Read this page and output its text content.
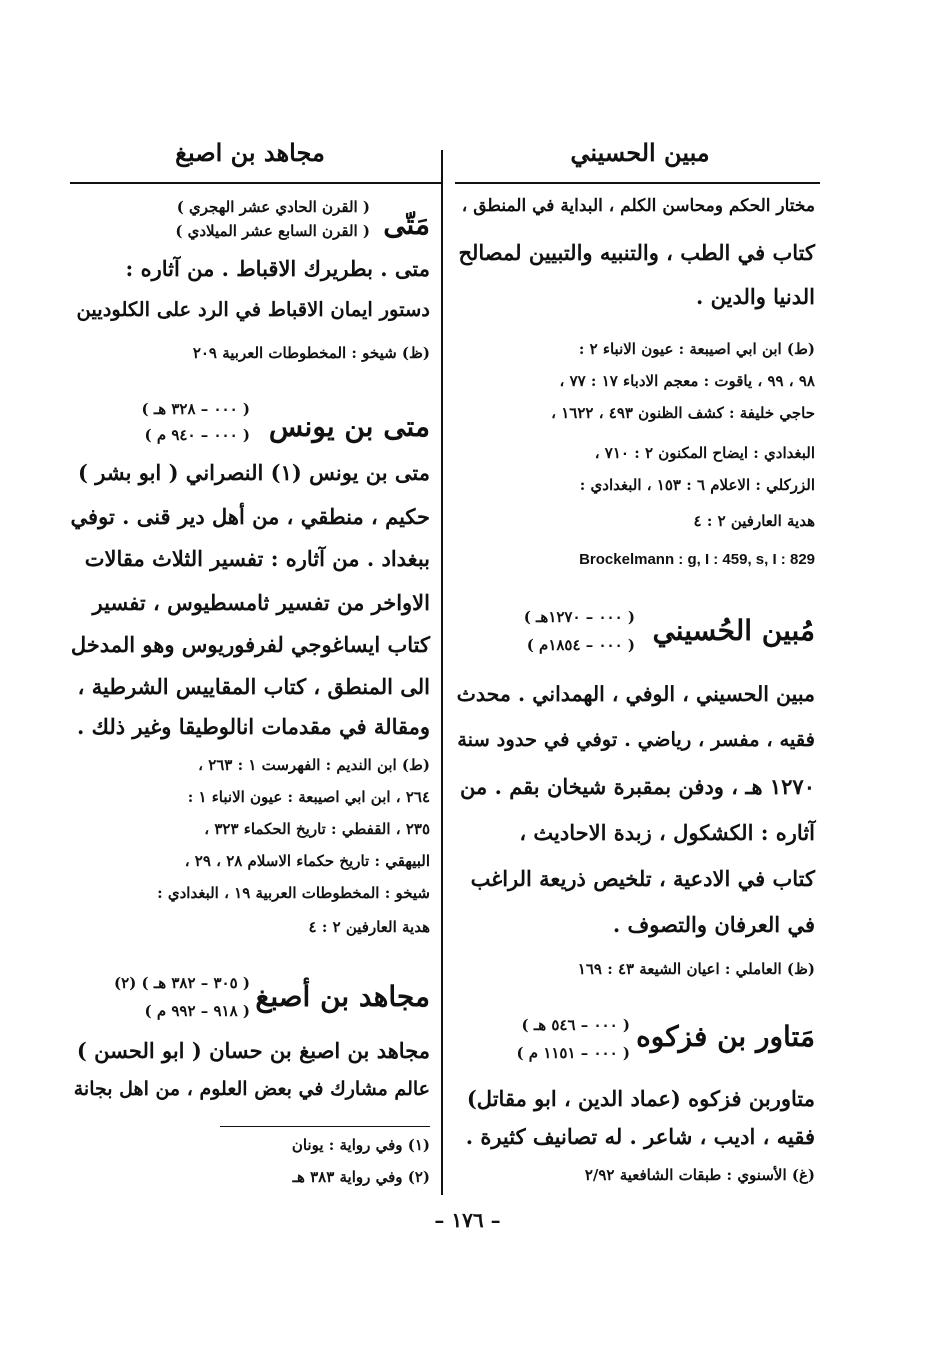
مبين الحسيني
مجاهد بن اصبغ
مختار الحكم ومحاسن الكلم ، البداية في المنطق ،
كتاب في الطب ، والتنبيه والتبيين لمصالح
الدنيا والدين .
(ط) ابن ابي اصيبعة : عيون الانباء ٢ :
٩٨ ، ٩٩ ، ياقوت : معجم الادباء ١٧ : ٧٧ ،
حاجي خليفة : كشف الظنون ٤٩٣ ، ١٦٢٢ ،
البغدادي : ايضاح المكنون ٢ : ٧١٠ ،
الزركلي : الاعلام ٦ : ١٥٣ ، البغدادي :
هدية العارفين ٢ : ٤
Brockelmann : g, I : 459, s, I : 829
مُبين الحُسيني
( ٠٠٠ – ١٢٧٠هـ )
( ٠٠٠ – ١٨٥٤م )
مبين الحسيني ، الوفي ، الهمداني . محدث
فقيه ، مفسر ، رياضي . توفي في حدود سنة
١٢٧٠ هـ ، ودفن بمقبرة شيخان بقم . من
آثاره : الكشكول ، زبدة الاحاديث ،
كتاب في الادعية ، تلخيص ذريعة الراغب
في العرفان والتصوف .
(ظ) العاملي : اعيان الشيعة ٤٣ : ١٦٩
مَتاور بن فزكوه
( ٠٠٠ – ٥٤٦ هـ )
( ٠٠٠ – ١١٥١ م )
متاوربن فزكوه (عماد الدين ، ابو مقاتل)
فقيه ، اديب ، شاعر . له تصانيف كثيرة .
(غ) الأسنوي : طبقات الشافعية ٢/٩٢
مَتّى
( القرن الحادي عشر الهجري )
( القرن السابع عشر الميلادي )
متى . بطريرك الاقباط . من آثاره :
دستور ايمان الاقباط في الرد على الكلوديين
(ظ) شيخو : المخطوطات العربية ٢٠٩
متى بن يونس
( ٠٠٠ – ٣٢٨ هـ )
( ٠٠٠ – ٩٤٠ م )
متى بن يونس (١) النصراني ( ابو بشر )
حكيم ، منطقي ، من أهل دير قنى . توفي
ببغداد . من آثاره : تفسير الثلاث مقالات
الاواخر من تفسير ثامسطيوس ، تفسير
كتاب ايساغوجي لفرفوريوس وهو المدخل
الى المنطق ، كتاب المقاييس الشرطية ،
ومقالة في مقدمات انالوطيقا وغير ذلك .
(ط) ابن النديم : الفهرست ١ : ٢٦٣ ،
٢٦٤ ، ابن ابي اصيبعة : عيون الانباء ١ :
٢٣٥ ، القفطي : تاريخ الحكماء ٣٢٣ ،
البيهقي : تاريخ حكماء الاسلام ٢٨ ، ٢٩ ،
شيخو : المخطوطات العربية ١٩ ، البغدادي :
هدية العارفين ٢ : ٤
مجاهد بن أصبغ
( ٣٠٥ – ٣٨٢ هـ ) (٢)
( ٩١٨ – ٩٩٢ م )
مجاهد بن اصبغ بن حسان ( ابو الحسن )
عالم مشارك في بعض العلوم ، من اهل بجانة
(١) وفي رواية : يونان
(٢) وفي رواية ٣٨٣ هـ
– ١٧٦ –
